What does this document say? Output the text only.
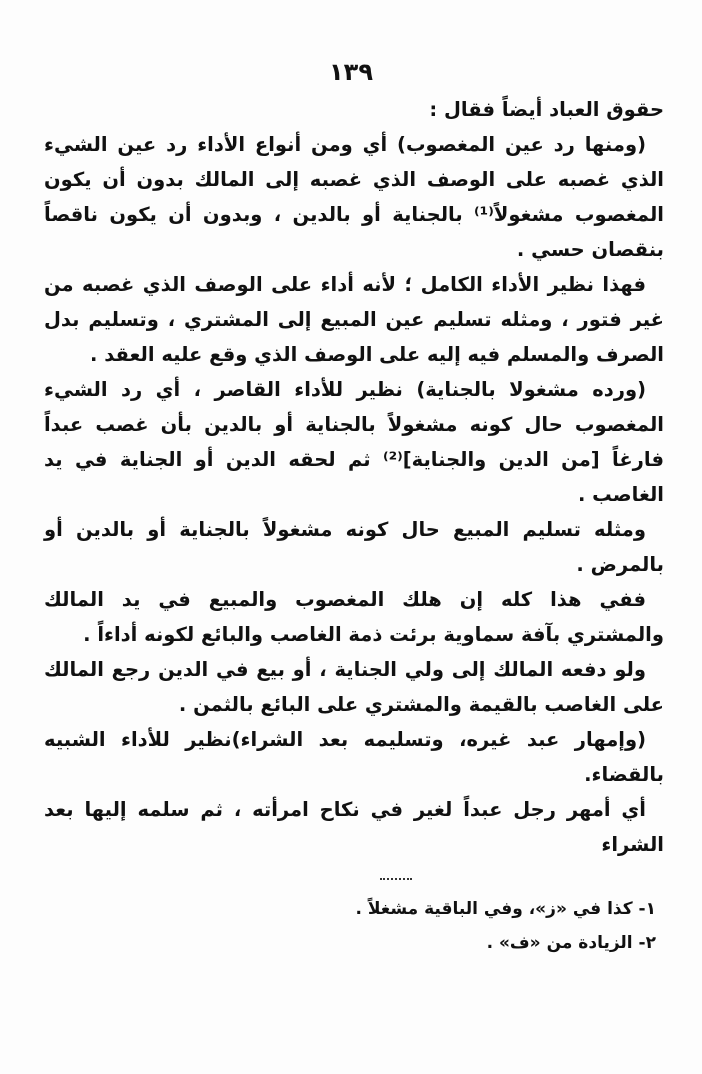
١٣٩

حقوق العباد أيضاً فقال :

(ومنها رد عين المغصوب) أي ومن أنواع الأداء رد عين الشيء الذي غصبه على الوصف الذي غصبه إلى المالك بدون أن يكون المغصوب مشغولاً⁽¹⁾ بالجناية أو بالدين ، وبدون أن يكون ناقصاً بنقصان حسي .

فهذا نظير الأداء الكامل ؛ لأنه أداء على الوصف الذي غصبه من غير فتور ، ومثله تسليم عين المبيع إلى المشتري ، وتسليم بدل الصرف والمسلم فيه إليه على الوصف الذي وقع عليه العقد .

(ورده مشغولا بالجناية) نظير للأداء القاصر ، أي رد الشيء المغصوب حال كونه مشغولاً بالجناية أو بالدين بأن غصب عبداً فارغاً [من الدين والجناية]⁽²⁾ ثم لحقه الدين أو الجناية في يد الغاصب .

ومثله تسليم المبيع حال كونه مشغولاً بالجناية أو بالدين أو بالمرض .

ففي هذا كله إن هلك المغصوب والمبيع في يد المالك والمشتري بآفة سماوية برئت ذمة الغاصب والبائع لكونه أداءاً .

ولو دفعه المالك إلى ولي الجناية ، أو بيع في الدين رجع المالك على الغاصب بالقيمة والمشتري على البائع بالثمن .

(وإمهار عبد غيره، وتسليمه بعد الشراء)نظير للأداء الشبيه بالقضاء.

أي أمهر رجل عبداً لغير في نكاح امرأته ، ثم سلمه إليها بعد الشراء

١- كذا في «ز»، وفي الباقية مشغلاً .

٢- الزيادة من «ف» .
